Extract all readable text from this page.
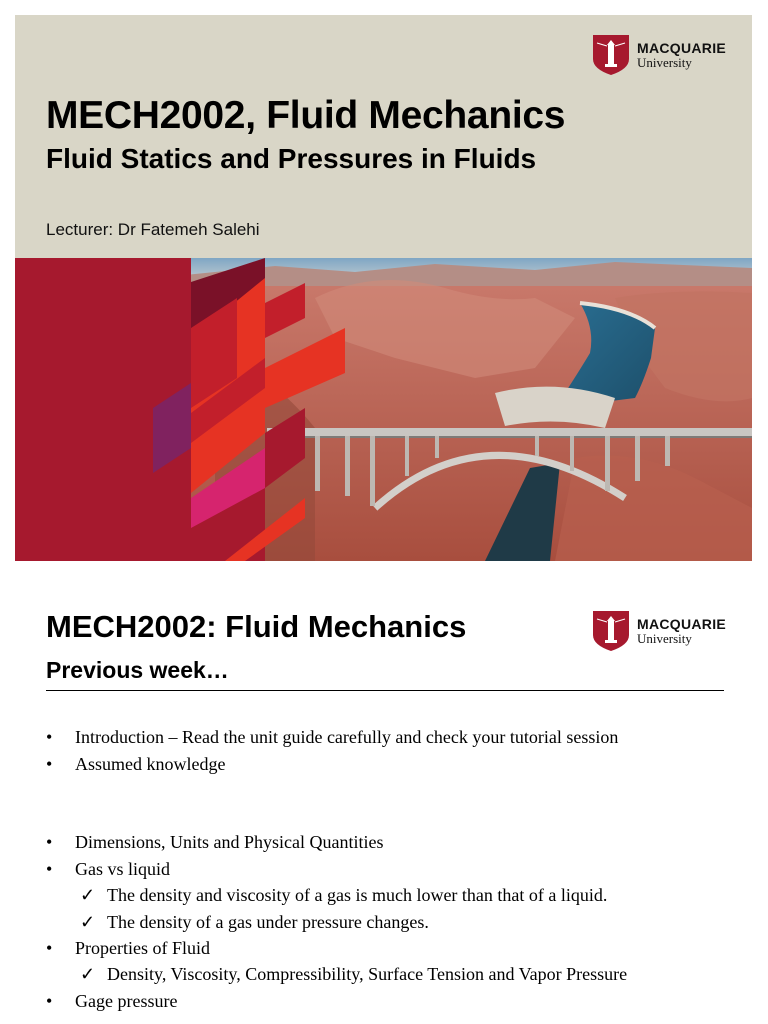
MACQUARIE
University
MECH2002, Fluid Mechanics
Fluid Statics and Pressures in Fluids
Lecturer: Dr Fatemeh Salehi
MECH2002: Fluid Mechanics	MACQUARIE
University
Previous week…
• Introduction – Read the unit guide carefully and check your tutorial session
• Assumed knowledge
• Dimensions, Units and Physical Quantities
• Gas vs liquid
✓ The density and viscosity of a gas is much lower than that of a liquid.
✓ The density of a gas under pressure changes.
• Properties of Fluid
✓ Density, Viscosity, Compressibility, Surface Tension and Vapor Pressure
• Gage pressure
